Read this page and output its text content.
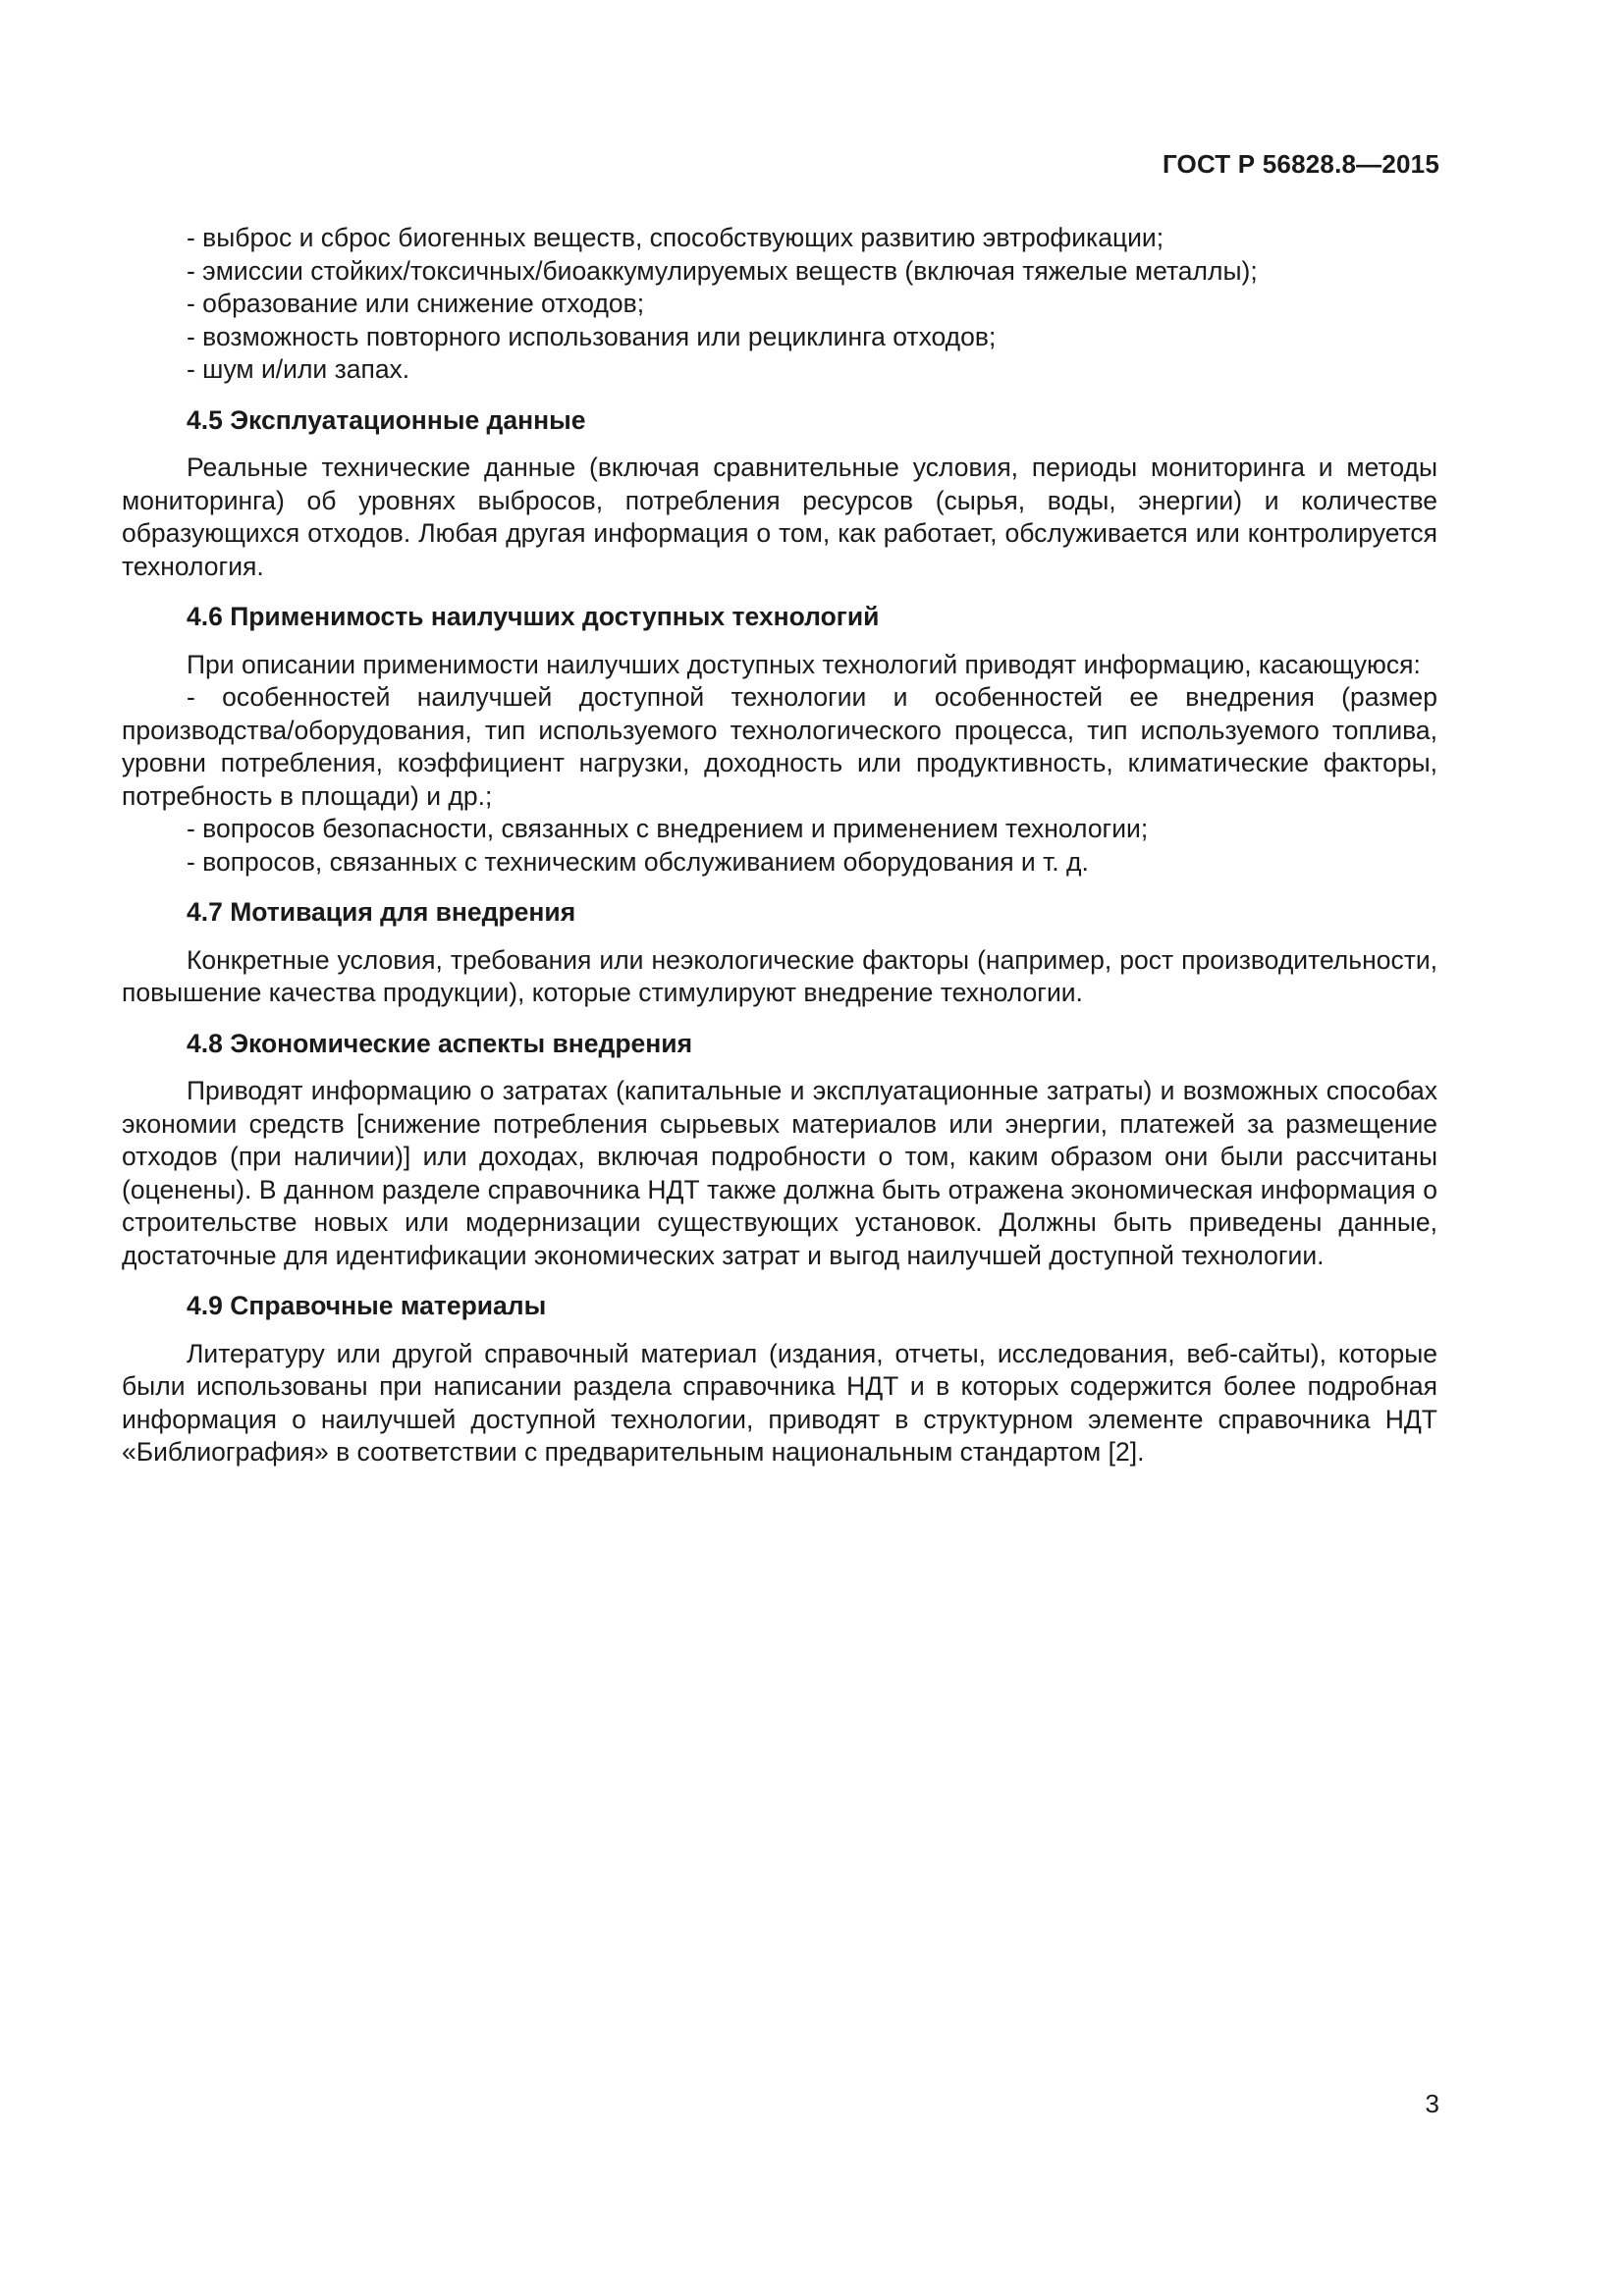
ГОСТ Р 56828.8—2015

- выброс и сброс биогенных веществ, способствующих развитию эвтрофикации;

- эмиссии стойких/токсичных/биоаккумулируемых веществ (включая тяжелые металлы);

- образование или снижение отходов;

- возможность повторного использования или рециклинга отходов;

- шум и/или запах.

4.5 Эксплуатационные данные

Реальные технические данные (включая сравнительные условия, периоды мониторинга и методы мониторинга) об уровнях выбросов, потребления ресурсов (сырья, воды, энергии) и количестве образующихся отходов. Любая другая информация о том, как работает, обслуживается или контролируется технология.

4.6 Применимость наилучших доступных технологий

При описании применимости наилучших доступных технологий приводят информацию, касающуюся:

- особенностей наилучшей доступной технологии и особенностей ее внедрения (размер производства/оборудования, тип используемого технологического процесса, тип используемого топлива, уровни потребления, коэффициент нагрузки, доходность или продуктивность, климатические факторы, потребность в площади) и др.;

- вопросов безопасности, связанных с внедрением и применением технологии;

- вопросов, связанных с техническим обслуживанием оборудования и т. д.

4.7 Мотивация для внедрения

Конкретные условия, требования или неэкологические факторы (например, рост производительности, повышение качества продукции), которые стимулируют внедрение технологии.

4.8 Экономические аспекты внедрения

Приводят информацию о затратах (капитальные и эксплуатационные затраты) и возможных способах экономии средств [снижение потребления сырьевых материалов или энергии, платежей за размещение отходов (при наличии)] или доходах, включая подробности о том, каким образом они были рассчитаны (оценены). В данном разделе справочника НДТ также должна быть отражена экономическая информация о строительстве новых или модернизации существующих установок. Должны быть приведены данные, достаточные для идентификации экономических затрат и выгод наилучшей доступной технологии.

4.9 Справочные материалы

Литературу или другой справочный материал (издания, отчеты, исследования, веб-сайты), которые были использованы при написании раздела справочника НДТ и в которых содержится более подробная информация о наилучшей доступной технологии, приводят в структурном элементе справочника НДТ «Библиография» в соответствии с предварительным национальным стандартом [2].

3
